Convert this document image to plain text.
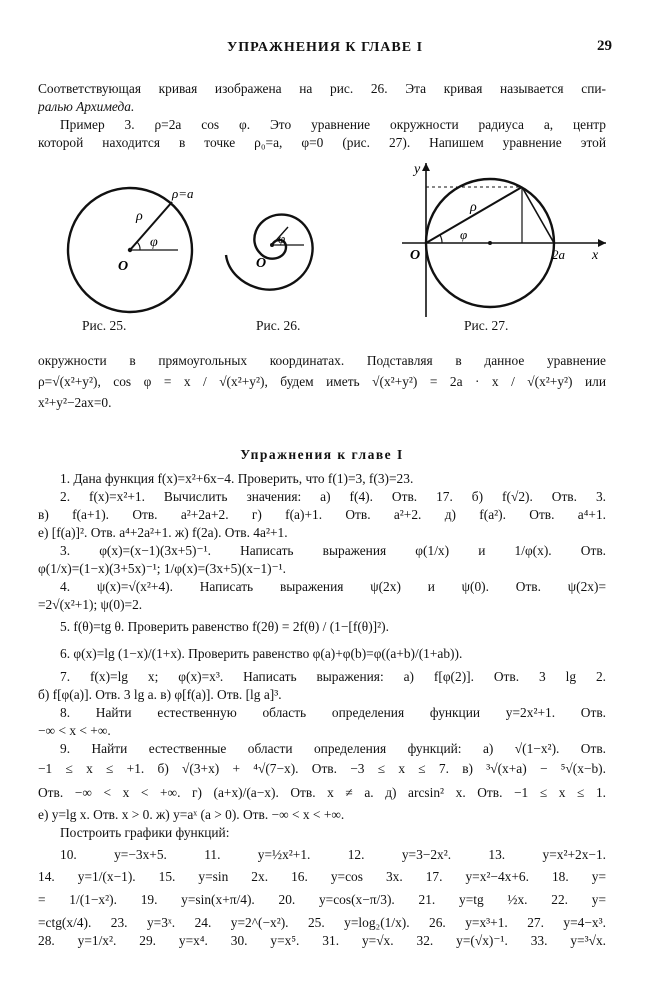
УПРАЖНЕНИЯ К ГЛАВЕ I	29
Соответствующая кривая изображена на рис. 26. Эта кривая называется спи-
ралью Архимеда.
Пример 3. ρ=2a cos φ. Это уравнение окружности радиуса a, центр
которой находится в точке ρ₀=a, φ=0 (рис. 27). Напишем уравнение этой
ρ
ρ=a
φ
O
Рис. 25.
φ
O
Рис. 26.
y
x
ρ
φ
O	2a
Рис. 27.
окружности в прямоугольных координатах. Подставляя в данное уравнение
ρ=√(x²+y²), cos φ = x / √(x²+y²), будем иметь √(x²+y²) = 2a · x / √(x²+y²) или
x²+y²−2ax=0.
Упражнения к главе I
1. Дана функция f(x)=x²+6x−4. Проверить, что f(1)=3, f(3)=23.
2. f(x)=x²+1. Вычислить значения: а) f(4). Отв. 17. б) f(√2). Отв. 3.
в) f(a+1). Отв. a²+2a+2. г) f(a)+1. Отв. a²+2. д) f(a²). Отв. a⁴+1.
е) [f(a)]². Отв. a⁴+2a²+1. ж) f(2a). Отв. 4a²+1.
3. φ(x)=(x−1)(3x+5)⁻¹. Написать выражения φ(1/x) и 1/φ(x). Отв.
φ(1/x)=(1−x)(3+5x)⁻¹; 1/φ(x)=(3x+5)(x−1)⁻¹.
4. ψ(x)=√(x²+4). Написать выражения ψ(2x) и ψ(0). Отв. ψ(2x)=
=2√(x²+1); ψ(0)=2.
5. f(θ)=tg θ. Проверить равенство f(2θ) = 2f(θ) / (1−[f(θ)]²).
6. φ(x)=lg (1−x)/(1+x). Проверить равенство φ(a)+φ(b)=φ((a+b)/(1+ab)).
7. f(x)=lg x; φ(x)=x³. Написать выражения: а) f[φ(2)]. Отв. 3 lg 2.
б) f[φ(a)]. Отв. 3 lg a. в) φ[f(a)]. Отв. [lg a]³.
8. Найти естественную область определения функции y=2x²+1. Отв.
−∞ < x < +∞.
9. Найти естественные области определения функций: а) √(1−x²). Отв.
−1 ≤ x ≤ +1. б) √(3+x) + ⁴√(7−x). Отв. −3 ≤ x ≤ 7. в) ³√(x+a) − ⁵√(x−b).
Отв. −∞ < x < +∞. г) (a+x)/(a−x). Отв. x ≠ a. д) arcsin² x. Отв. −1 ≤ x ≤ 1.
е) y=lg x. Отв. x > 0. ж) y=aˣ (a > 0). Отв. −∞ < x < +∞.
Построить графики функций:
10. y=−3x+5. 11. y=½x²+1. 12. y=3−2x². 13. y=x²+2x−1.
14. y=1/(x−1). 15. y=sin 2x. 16. y=cos 3x. 17. y=x²−4x+6. 18. y=
= 1/(1−x²). 19. y=sin(x+π/4). 20. y=cos(x−π/3). 21. y=tg ½x. 22. y=
=ctg(x/4). 23. y=3ˣ. 24. y=2^(−x²). 25. y=log₂(1/x). 26. y=x³+1. 27. y=4−x³.
28. y=1/x². 29. y=x⁴. 30. y=x⁵. 31. y=√x. 32. y=(√x)⁻¹. 33. y=³√x.
